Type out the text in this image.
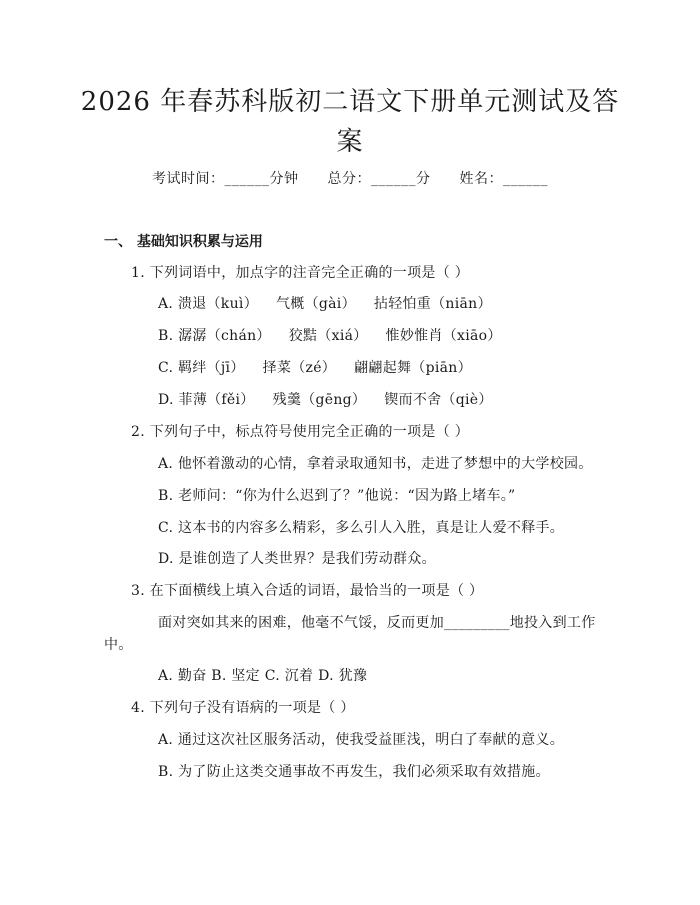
2026 年春苏科版初二语文下册单元测试及答
案
考试时间：______分钟 总分：______分 姓名：______
一、 基础知识积累与运用
1. 下列词语中，加点字的注音完全正确的一项是（ ）
A. 溃退（kuì） 气概（gài） 拈轻怕重（niān）
B. 潺潺（chán） 狡黠（xiá） 惟妙惟肖（xiāo）
C. 羁绊（jī） 择菜（zé） 翩翩起舞（piān）
D. 菲薄（fěi） 残羹（gēng） 锲而不舍（qiè）
2. 下列句子中，标点符号使用完全正确的一项是（ ）
A. 他怀着激动的心情，拿着录取通知书，走进了梦想中的大学校园。
B. 老师问：“你为什么迟到了？”他说：“因为路上堵车。”
C. 这本书的内容多么精彩，多么引人入胜，真是让人爱不释手。
D. 是谁创造了人类世界？是我们劳动群众。
3. 在下面横线上填入合适的词语，最恰当的一项是（ ）
面对突如其来的困难，他毫不气馁，反而更加_________地投入到工作
中。
A. 勤奋 B. 坚定 C. 沉着 D. 犹豫
4. 下列句子没有语病的一项是（ ）
A. 通过这次社区服务活动，使我受益匪浅，明白了奉献的意义。
B. 为了防止这类交通事故不再发生，我们必须采取有效措施。
